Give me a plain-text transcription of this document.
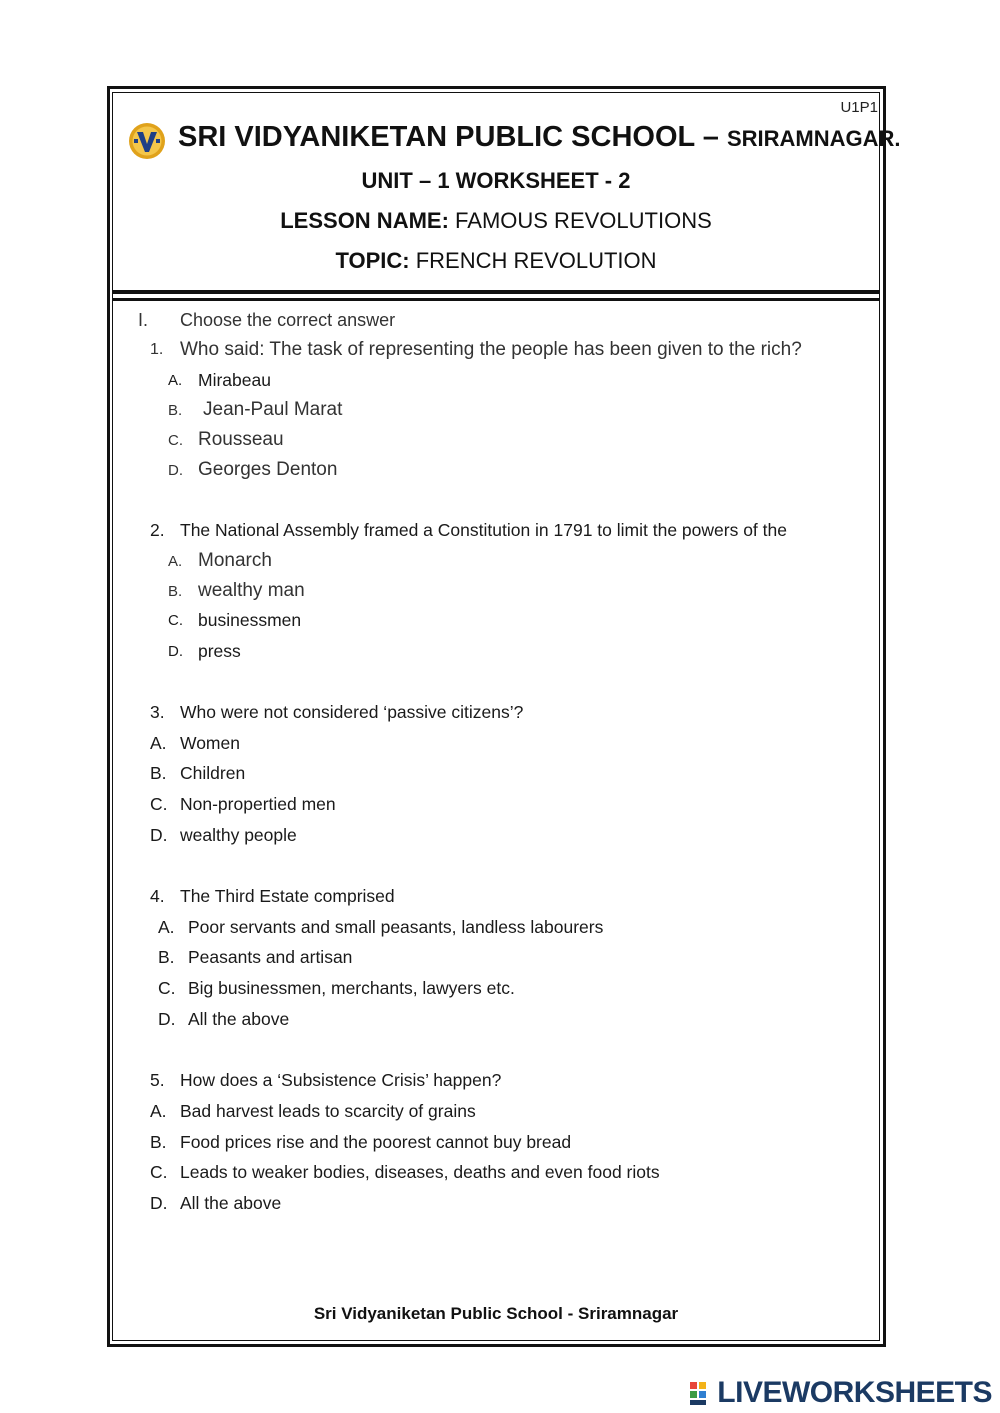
U1P1
SRI VIDYANIKETAN PUBLIC SCHOOL – SRIRAMNAGAR.
UNIT – 1 WORKSHEET - 2
LESSON NAME: FAMOUS REVOLUTIONS
TOPIC: FRENCH REVOLUTION
I. Choose the correct answer
1. Who said: The task of representing the people has been given to the rich?
A. Mirabeau
B. Jean-Paul Marat
C. Rousseau
D. Georges Denton
2. The National Assembly framed a Constitution in 1791 to limit the powers of the
A. Monarch
B. wealthy man
C. businessmen
D. press
3. Who were not considered ‘passive citizens’?
A. Women
B. Children
C. Non-propertied men
D. wealthy people
4. The Third Estate comprised
A. Poor servants and small peasants, landless labourers
B. Peasants and artisan
C. Big businessmen, merchants, lawyers etc.
D. All the above
5. How does a ‘Subsistence Crisis’ happen?
A. Bad harvest leads to scarcity of grains
B. Food prices rise and the poorest cannot buy bread
C. Leads to weaker bodies, diseases, deaths and even food riots
D. All the above
Sri Vidyaniketan Public School - Sriramnagar
LIVEWORKSHEETS
